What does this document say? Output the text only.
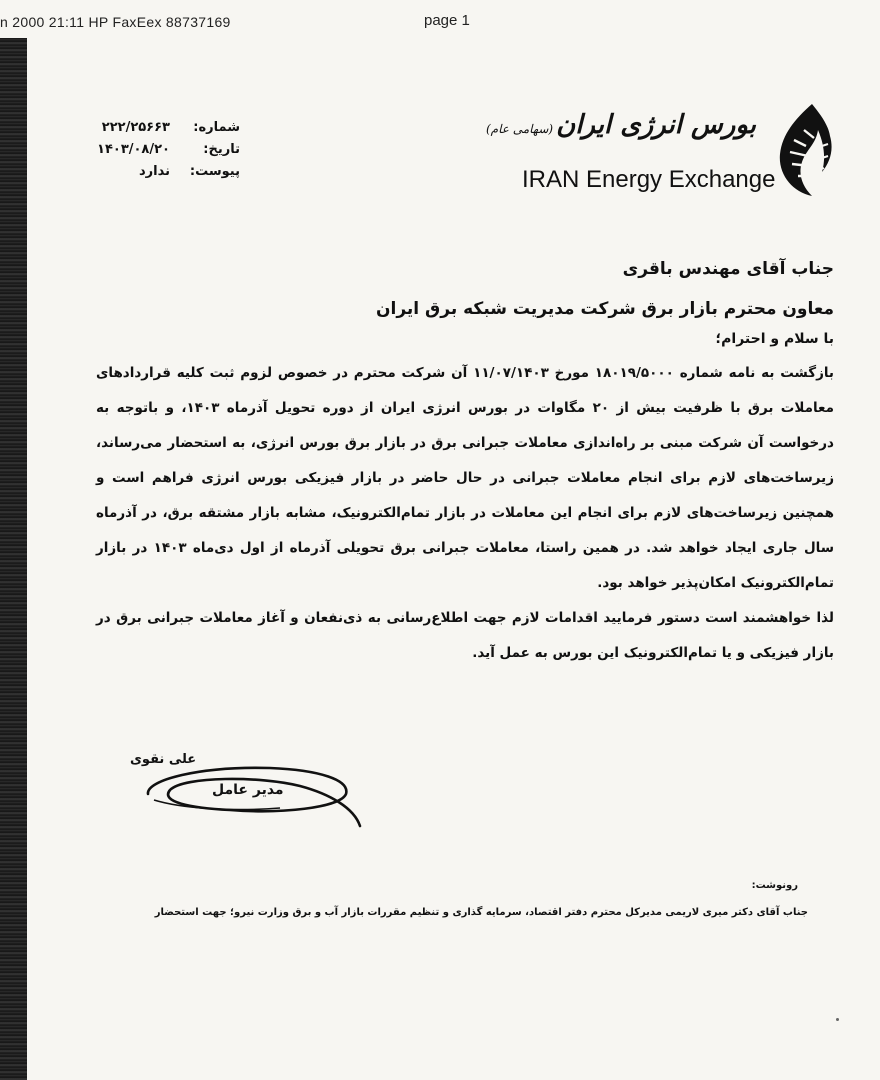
n 2000 21:11 HP FaxEex 88737169	page 1
شماره:
۲۲۲/۲۵۶۶۳
تاریخ:
۱۴۰۳/۰۸/۲۰
پیوست:
ندارد
بورس انرژی ایران(سهامی عام)
IRAN Energy Exchange

جناب آقای مهندس باقری

معاون محترم بازار برق شرکت مدیریت شبکه برق ایران

با سلام و احترام؛

بازگشت به نامه شماره ۱۸۰۱۹/۵۰۰۰ مورخ ۱۱/۰۷/۱۴۰۳ آن شرکت محترم در خصوص لزوم ثبت کلیه قراردادهای معاملات برق با ظرفیت بیش از ۲۰ مگاوات در بورس انرژی ایران از دوره تحویل آذرماه ۱۴۰۳، و باتوجه به درخواست آن شرکت مبنی بر راه‌اندازی معاملات جبرانی برق در بازار برق بورس انرژی، به استحضار می‌رساند، زیرساخت‌های لازم برای انجام معاملات جبرانی در حال حاضر در بازار فیزیکی بورس انرژی فراهم است و همچنین زیرساخت‌های لازم برای انجام این معاملات در بازار تمام‌الکترونیک، مشابه بازار مشتقه برق، در آذرماه سال جاری ایجاد خواهد شد. در همین راستا، معاملات جبرانی برق تحویلی آذرماه از اول دی‌ماه ۱۴۰۳ در بازار تمام‌الکترونیک امکان‌پذیر خواهد بود.

لذا خواهشمند است دستور فرمایید اقدامات لازم جهت اطلاع‌رسانی به ذی‌نفعان و آغاز معاملات جبرانی برق در بازار فیزیکی و یا تمام‌الکترونیک این بورس به عمل آید.

علی نقوی
مدیر عامل
رونوشت:
جناب آقای دکتر میری لاریمی مدیرکل محترم دفتر اقتصاد، سرمایه گذاری و تنظیم مقررات بازار آب و برق وزارت نیرو؛ جهت استحضار
